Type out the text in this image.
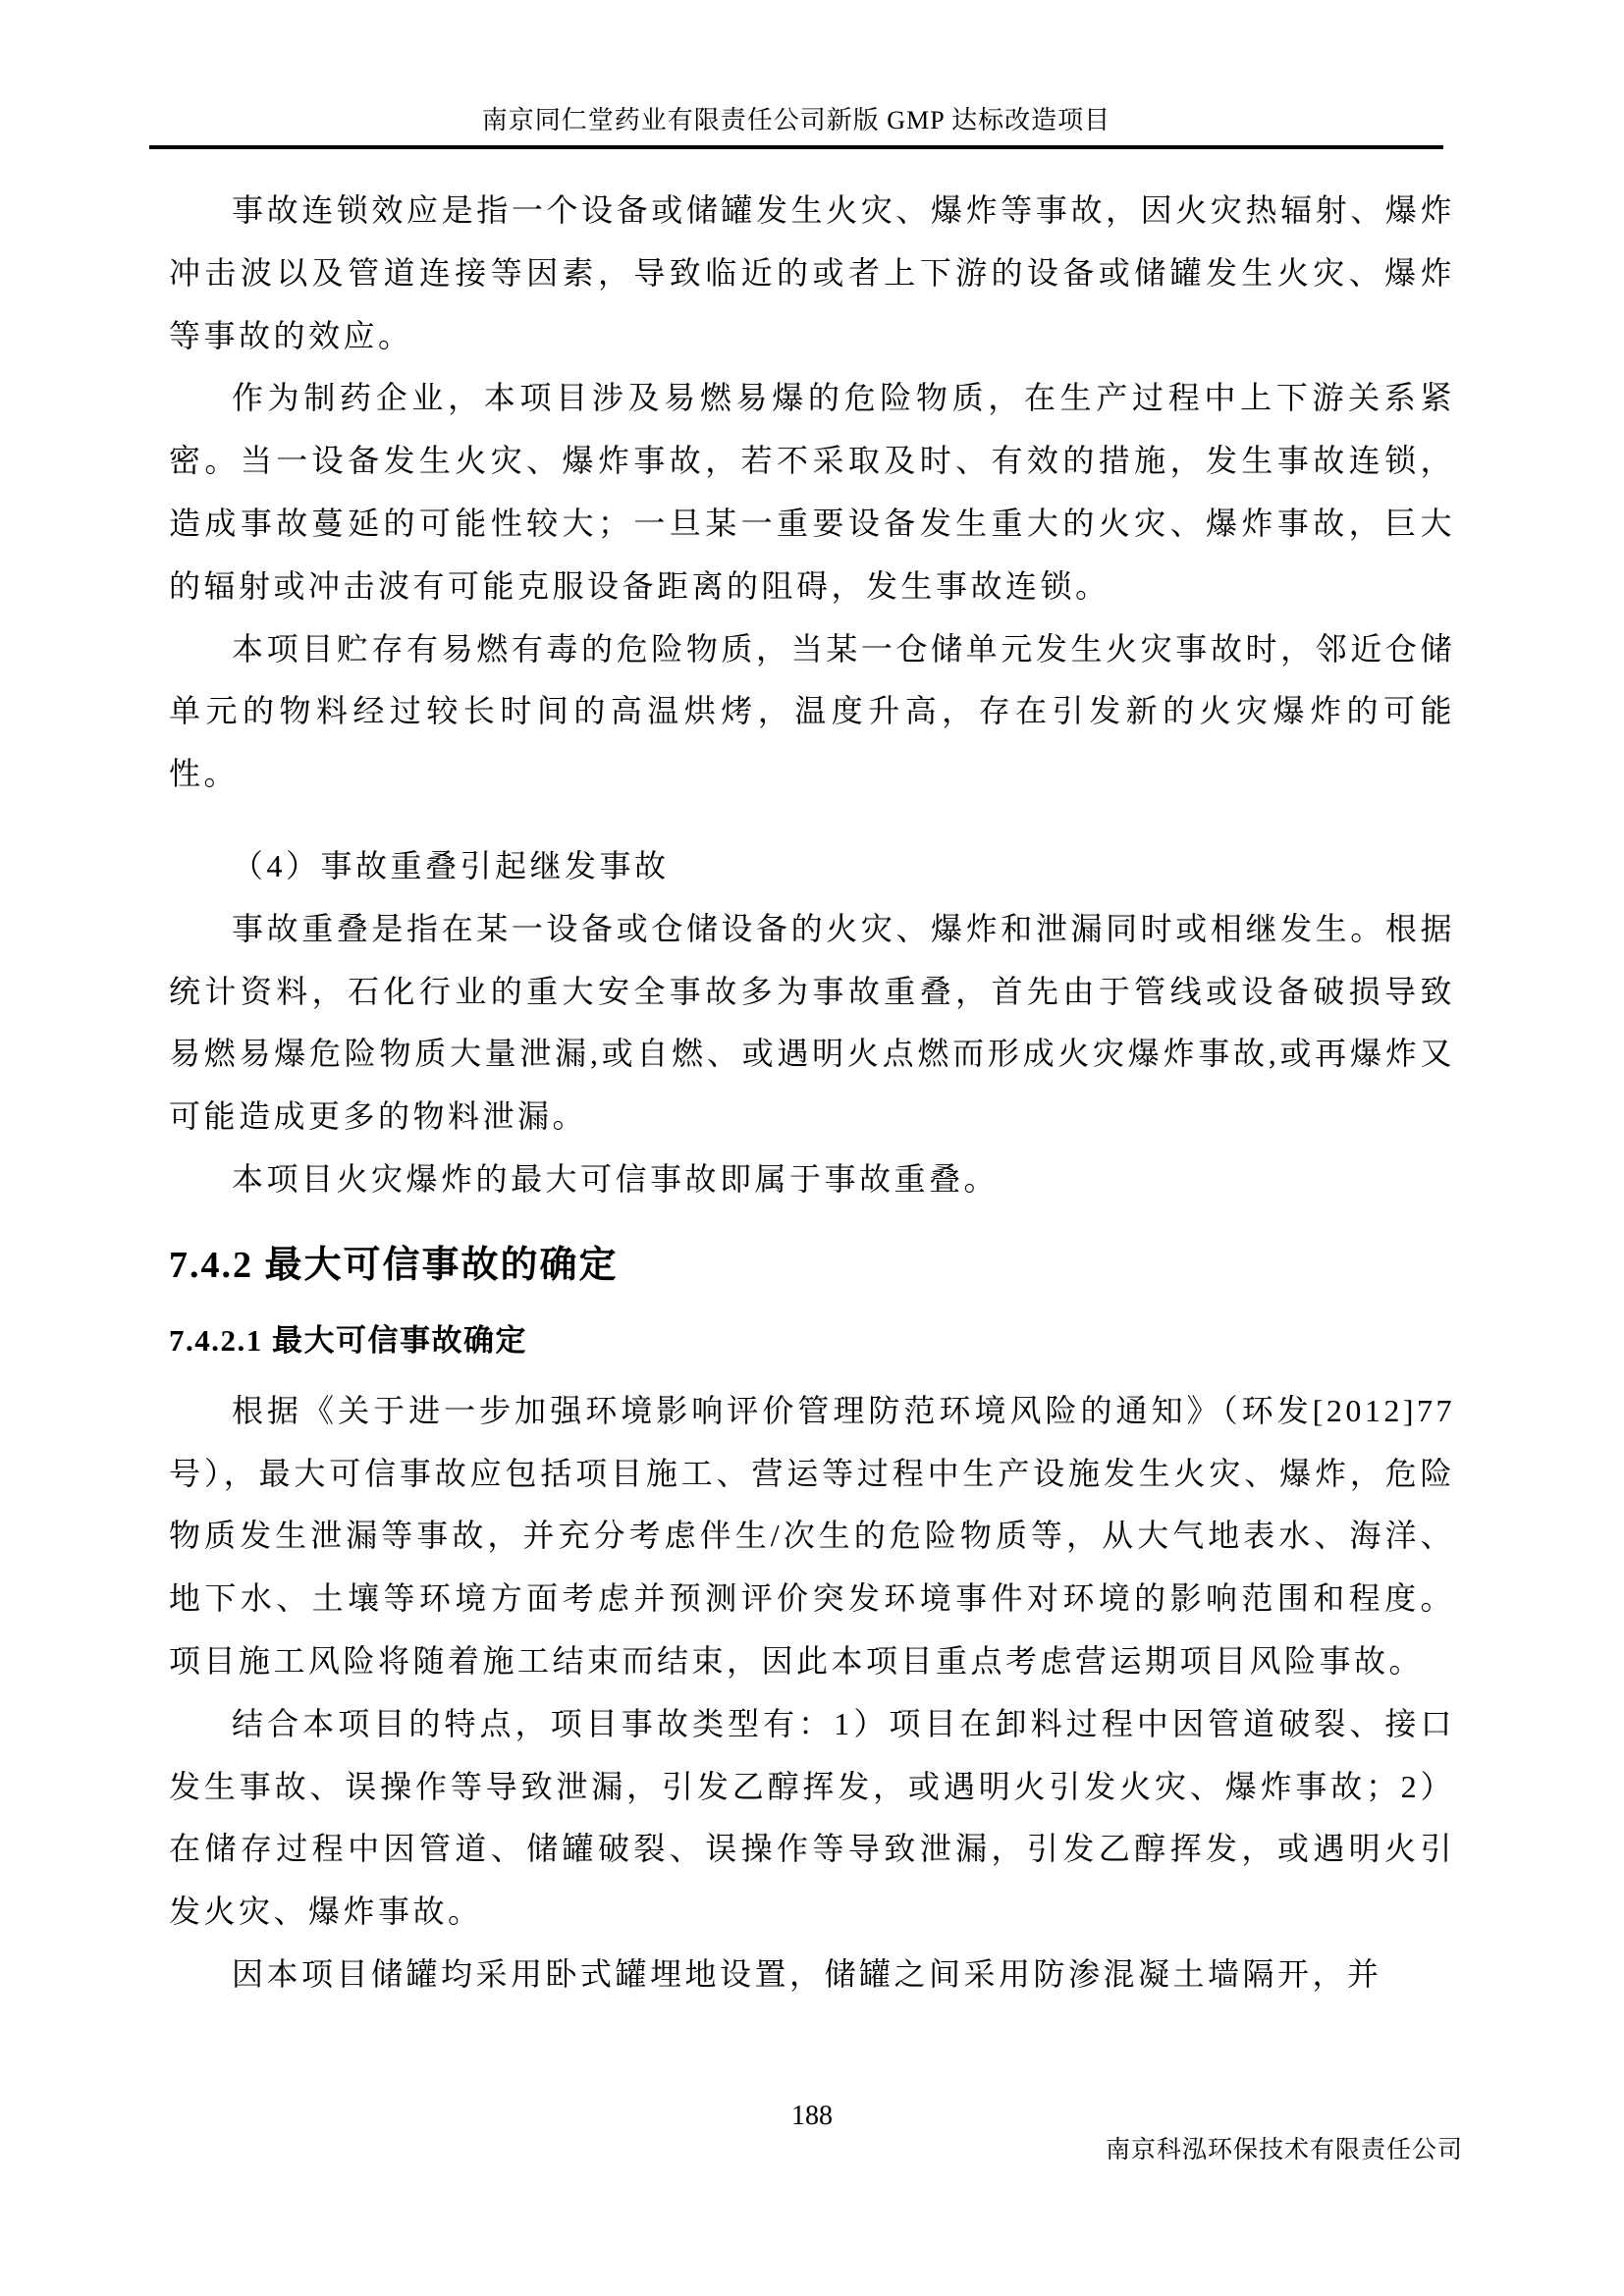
南京同仁堂药业有限责任公司新版 GMP 达标改造项目

事故连锁效应是指一个设备或储罐发生火灾、爆炸等事故，因火灾热辐射、爆炸冲击波以及管道连接等因素，导致临近的或者上下游的设备或储罐发生火灾、爆炸等事故的效应。

作为制药企业，本项目涉及易燃易爆的危险物质，在生产过程中上下游关系紧密。当一设备发生火灾、爆炸事故，若不采取及时、有效的措施，发生事故连锁，造成事故蔓延的可能性较大；一旦某一重要设备发生重大的火灾、爆炸事故，巨大的辐射或冲击波有可能克服设备距离的阻碍，发生事故连锁。

本项目贮存有易燃有毒的危险物质，当某一仓储单元发生火灾事故时，邻近仓储单元的物料经过较长时间的高温烘烤，温度升高，存在引发新的火灾爆炸的可能性。

（4）事故重叠引起继发事故

事故重叠是指在某一设备或仓储设备的火灾、爆炸和泄漏同时或相继发生。根据统计资料，石化行业的重大安全事故多为事故重叠，首先由于管线或设备破损导致易燃易爆危险物质大量泄漏,或自燃、或遇明火点燃而形成火灾爆炸事故,或再爆炸又可能造成更多的物料泄漏。

本项目火灾爆炸的最大可信事故即属于事故重叠。

7.4.2 最大可信事故的确定
7.4.2.1 最大可信事故确定

根据《关于进一步加强环境影响评价管理防范环境风险的通知》（环发[2012]77 号），最大可信事故应包括项目施工、营运等过程中生产设施发生火灾、爆炸，危险物质发生泄漏等事故，并充分考虑伴生/次生的危险物质等，从大气地表水、海洋、地下水、土壤等环境方面考虑并预测评价突发环境事件对环境的影响范围和程度。项目施工风险将随着施工结束而结束，因此本项目重点考虑营运期项目风险事故。

结合本项目的特点，项目事故类型有：1）项目在卸料过程中因管道破裂、接口发生事故、误操作等导致泄漏，引发乙醇挥发，或遇明火引发火灾、爆炸事故；2）在储存过程中因管道、储罐破裂、误操作等导致泄漏，引发乙醇挥发，或遇明火引发火灾、爆炸事故。

因本项目储罐均采用卧式罐埋地设置，储罐之间采用防渗混凝土墙隔开，并

188
南京科泓环保技术有限责任公司
